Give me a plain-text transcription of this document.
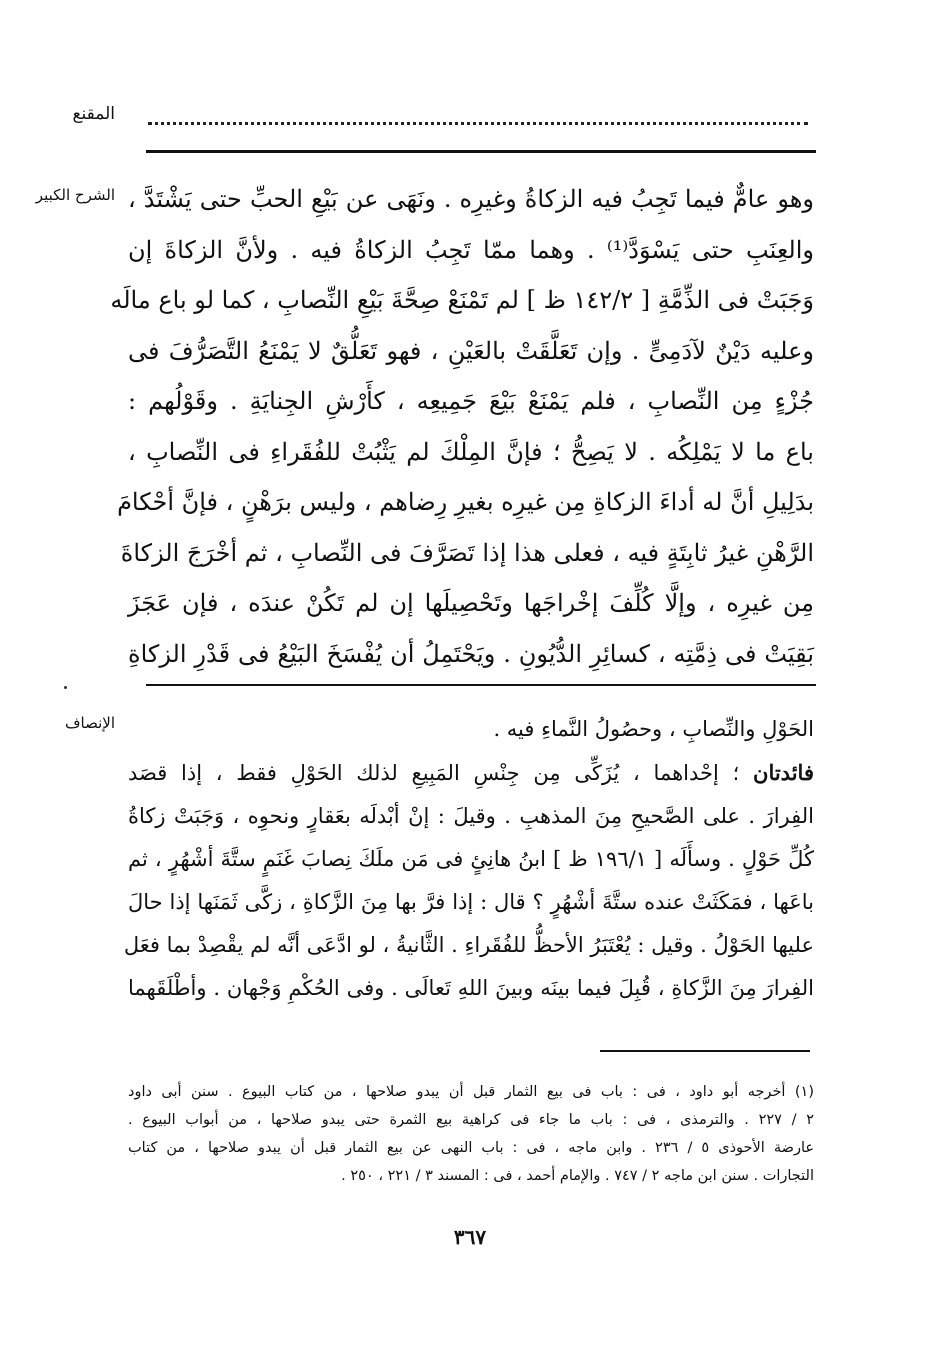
المقنع
الشرح الكبير وهو عامٌّ فيما تَجِبُ فيه الزكاةُ وغيرِه . ونَهَى عن بَيْعِ الحبِّ حتى يَشْتَدَّ ،
والعِنَبِ حتى يَسْوَدَّ⁽¹⁾ . وهما ممّا تَجِبُ الزكاةُ فيه . ولأنَّ الزكاةَ إن
وَجَبَتْ فى الذِّمَّةِ [ ١٤٢/٢ ظ ] لم تَمْنَعْ صِحَّةَ بَيْعِ النِّصابِ ، كما لو باع مالَه
وعليه دَيْنٌ لآدَمِىٍّ . وإن تَعَلَّقَتْ بالعَيْنِ ، فهو تَعَلُّقٌ لا يَمْنَعُ التَّصَرُّفَ فى
جُزْءٍ مِن النِّصابِ ، فلم يَمْنَعْ بَيْعَ جَمِيعِه ، كأَرْشِ الجِنايَةِ . وقَوْلُهم :
باع ما لا يَمْلِكُه . لا يَصِحُّ ؛ فإنَّ المِلْكَ لم يَثْبُتْ للفُقَراءِ فى النِّصابِ ،
بدَلِيلِ أنَّ له أداءَ الزكاةِ مِن غيرِه بغيرِ رِضاهم ، وليس برَهْنٍ ، فإنَّ أحْكامَ
الرَّهْنِ غيرُ ثابِتَةٍ فيه ، فعلى هذا إذا تَصَرَّفَ فى النِّصابِ ، ثم أخْرَجَ الزكاةَ
مِن غيرِه ، وإلَّا كُلِّفَ إخْراجَها وتَحْصِيلَها إن لم تَكُنْ عندَه ، فإن عَجَزَ
بَقِيَتْ فى ذِمَّتِه ، كسائِرِ الدُّيُونِ . ويَحْتَمِلُ أن يُفْسَخَ البَيْعُ فى قَدْرِ الزكاةِ
الإنصاف	الحَوْلِ والنِّصابِ ، وحصُولُ النَّماءِ فيه .
فائدتان ؛ إحْداهما ، يُزَكِّى مِن جِنْسِ المَبِيعِ لذلك الحَوْلِ فقط ، إذا قصَد
الفِرارَ . على الصَّحيحِ مِنَ المذهبِ . وقيلَ : إنْ أبْدلَه بعَقارٍ ونحوِه ، وَجَبَتْ زكاةُ
كُلِّ حَوْلٍ . وسأَلَه [ ١٩٦/١ ظ ] ابنُ هانِئٍ فى مَن ملَكَ نِصابَ غَنَمٍ ستَّةَ أشْهُرٍ ، ثم
باعَها ، فمَكَثَتْ عنده ستَّةَ أشْهُرٍ ؟ قال : إذا فرَّ بها مِنَ الزَّكاةِ ، زكَّى ثَمَنَها إذا حالَ
عليها الحَوْلُ . وقيل : يُعْتَبَرُ الأحظُّ للفُقَراءِ . الثَّانيةُ ، لو ادَّعَى أنَّه لم يقْصِدْ بما فعَل
الفِرارَ مِنَ الزَّكاةِ ، قُبِلَ فيما بينَه وبينَ اللهِ تَعالَى . وفى الحُكْمِ وَجْهان . وأطْلَقَهما
(١) أخرجه أبو داود ، فى : باب فى بيع الثمار قبل أن يبدو صلاحها ، من كتاب البيوع . سنن أبى داود
٢ / ٢٢٧ . والترمذى ، فى : باب ما جاء فى كراهية بيع الثمرة حتى يبدو صلاحها ، من أبواب البيوع .
عارضة الأحوذى ٥ / ٢٣٦ . وابن ماجه ، فى : باب النهى عن بيع الثمار قبل أن يبدو صلاحها ، من كتاب
التجارات . سنن ابن ماجه ٢ / ٧٤٧ . والإمام أحمد ، فى : المسند ٣ / ٢٢١ ، ٢٥٠ .
٣٦٧
